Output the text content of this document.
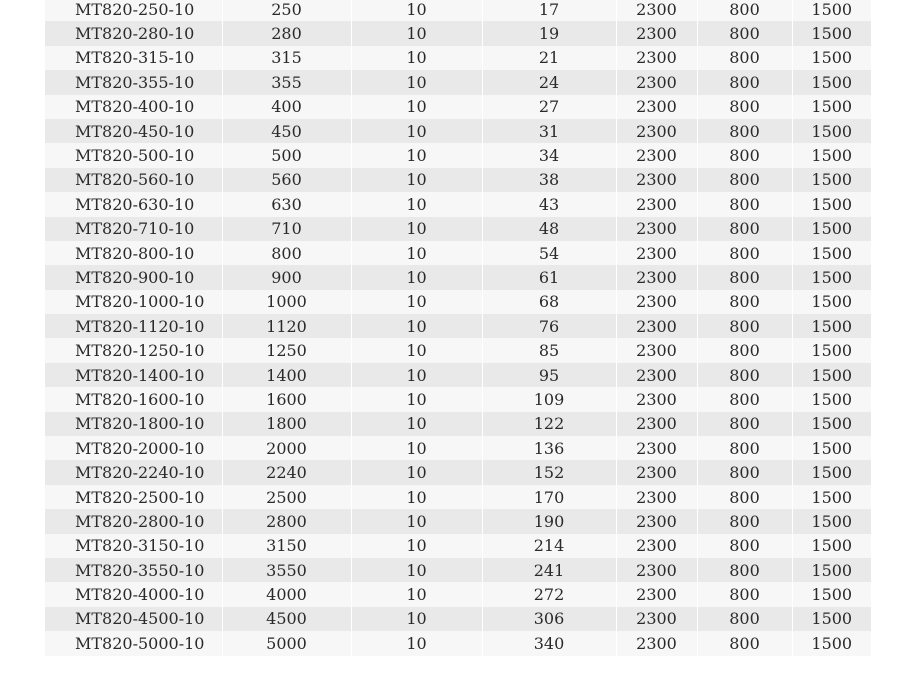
MT820-250-10	250	10	17	2300	800	1500
MT820-280-10	280	10	19	2300	800	1500
MT820-315-10	315	10	21	2300	800	1500
MT820-355-10	355	10	24	2300	800	1500
MT820-400-10	400	10	27	2300	800	1500
MT820-450-10	450	10	31	2300	800	1500
MT820-500-10	500	10	34	2300	800	1500
MT820-560-10	560	10	38	2300	800	1500
MT820-630-10	630	10	43	2300	800	1500
MT820-710-10	710	10	48	2300	800	1500
MT820-800-10	800	10	54	2300	800	1500
MT820-900-10	900	10	61	2300	800	1500
MT820-1000-10	1000	10	68	2300	800	1500
MT820-1120-10	1120	10	76	2300	800	1500
MT820-1250-10	1250	10	85	2300	800	1500
MT820-1400-10	1400	10	95	2300	800	1500
MT820-1600-10	1600	10	109	2300	800	1500
MT820-1800-10	1800	10	122	2300	800	1500
MT820-2000-10	2000	10	136	2300	800	1500
MT820-2240-10	2240	10	152	2300	800	1500
MT820-2500-10	2500	10	170	2300	800	1500
MT820-2800-10	2800	10	190	2300	800	1500
MT820-3150-10	3150	10	214	2300	800	1500
MT820-3550-10	3550	10	241	2300	800	1500
MT820-4000-10	4000	10	272	2300	800	1500
MT820-4500-10	4500	10	306	2300	800	1500
MT820-5000-10	5000	10	340	2300	800	1500
